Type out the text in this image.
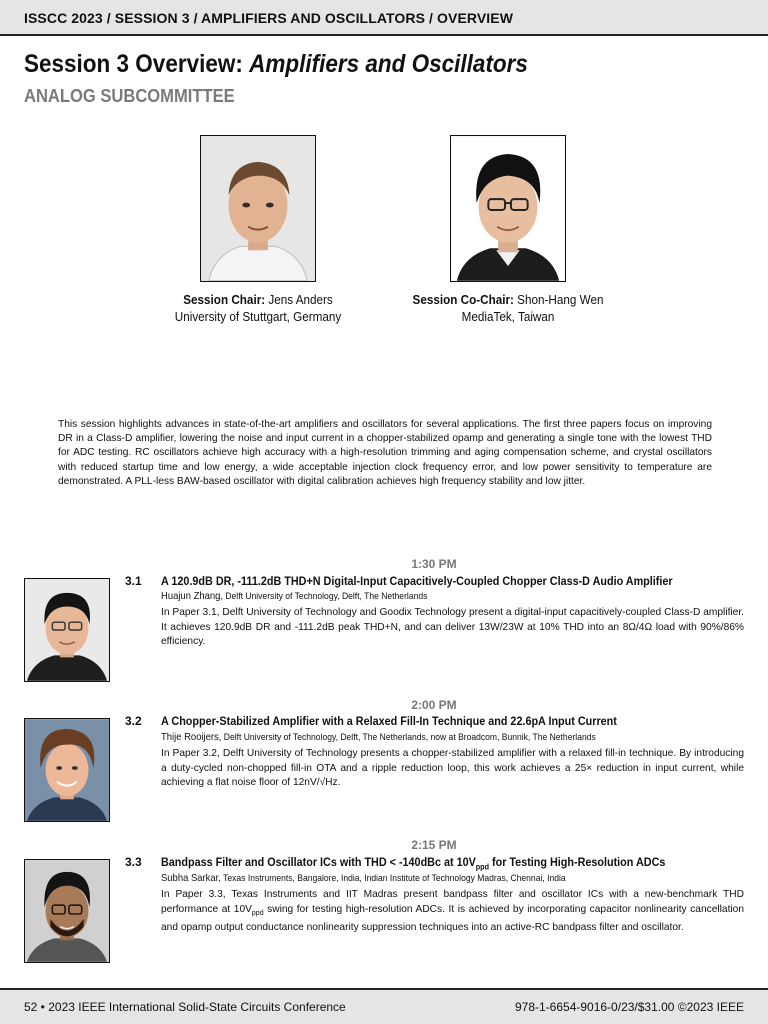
ISSCC 2023 / SESSION 3 / AMPLIFIERS AND OSCILLATORS / OVERVIEW
Session 3 Overview: Amplifiers and Oscillators
ANALOG SUBCOMMITTEE
Session Chair: Jens Anders
University of Stuttgart, Germany
Session Co-Chair: Shon-Hang Wen
MediaTek, Taiwan
This session highlights advances in state-of-the-art amplifiers and oscillators for several applications. The first three papers focus on improving DR in a Class-D amplifier, lowering the noise and input current in a chopper-stabilized opamp and generating a single tone with the lowest THD for ADC testing. RC oscillators achieve high accuracy with a high-resolution trimming and aging compensation scheme, and crystal oscillators with reduced startup time and low energy, a wide acceptable injection clock frequency error, and low power sensitivity to temperature are demonstrated. A PLL-less BAW-based oscillator with digital calibration achieves high frequency stability and low jitter.
1:30 PM
3.1 A 120.9dB DR, -111.2dB THD+N Digital-Input Capacitively-Coupled Chopper Class-D Audio Amplifier
Huajun Zhang, Delft University of Technology, Delft, The Netherlands
In Paper 3.1, Delft University of Technology and Goodix Technology present a digital-input capacitively-coupled Class-D amplifier. It achieves 120.9dB DR and -111.2dB peak THD+N, and can deliver 13W/23W at 10% THD into an 8Ω/4Ω load with 90%/86% efficiency.
2:00 PM
3.2 A Chopper-Stabilized Amplifier with a Relaxed Fill-In Technique and 22.6pA Input Current
Thije Rooijers, Delft University of Technology, Delft, The Netherlands, now at Broadcom, Bunnik, The Netherlands
In Paper 3.2, Delft University of Technology presents a chopper-stabilized amplifier with a relaxed fill-in technique. By introducing a duty-cycled non-chopped fill-in OTA and a ripple reduction loop, this work achieves a 25× reduction in input current, while achieving a flat noise floor of 12nV/√Hz.
2:15 PM
3.3 Bandpass Filter and Oscillator ICs with THD < -140dBc at $10V_{ppd}$ for Testing High-Resolution ADCs
Subha Sarkar, Texas Instruments, Bangalore, India, Indian Institute of Technology Madras, Chennai, India
In Paper 3.3, Texas Instruments and IIT Madras present bandpass filter and oscillator ICs with a new-benchmark THD performance at $10V_{ppd}$ swing for testing high-resolution ADCs. It is achieved by incorporating capacitor nonlinearity cancellation and opamp output conductance nonlinearity suppression techniques into an active-RC bandpass filter and oscillator.
52 • 2023 IEEE International Solid-State Circuits Conference	978-1-6654-9016-0/23/$31.00 ©2023 IEEE
